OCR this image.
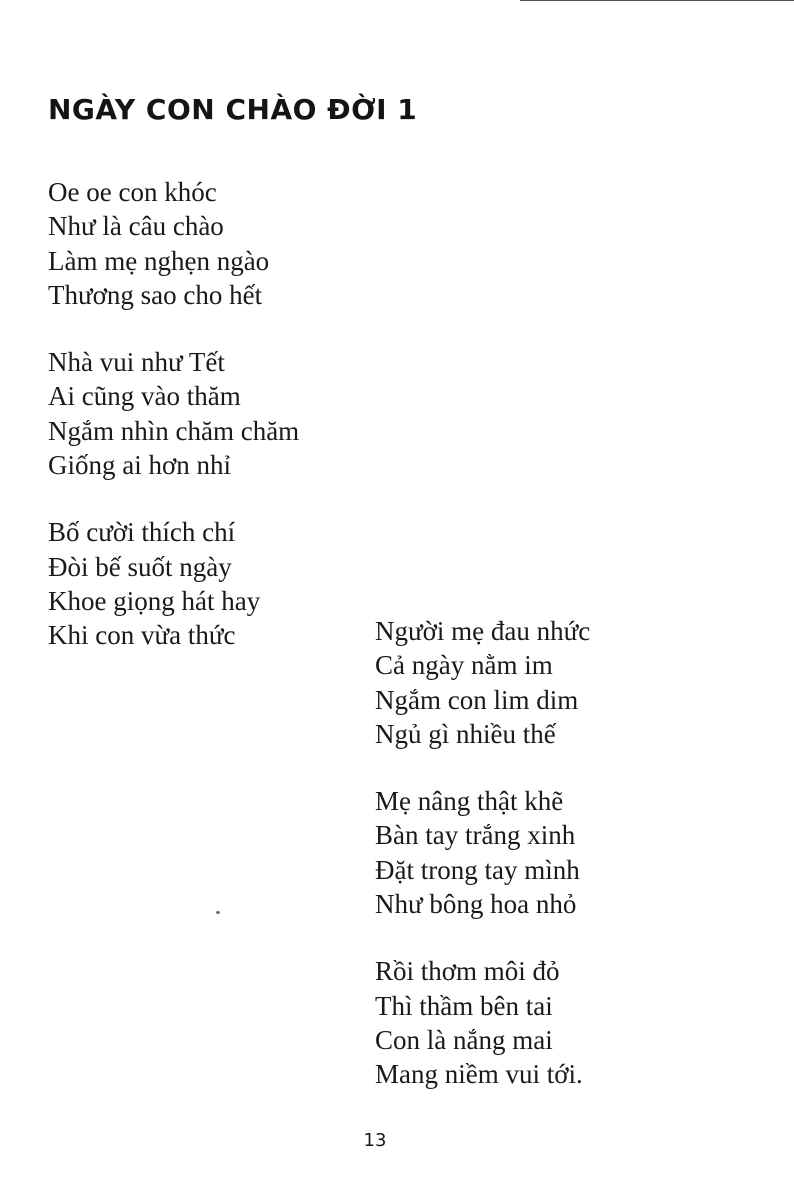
NGÀY CON CHÀO ĐỜI 1
Oe oe con khóc
Như là câu chào
Làm mẹ nghẹn ngào
Thương sao cho hết
Nhà vui như Tết
Ai cũng vào thăm
Ngắm nhìn chăm chăm
Giống ai hơn nhỉ
Bố cười thích chí
Đòi bế suốt ngày
Khoe giọng hát hay
Khi con vừa thức	Người mẹ đau nhức
Cả ngày nằm im
Ngắm con lim dim
Ngủ gì nhiều thế
Mẹ nâng thật khẽ
Bàn tay trắng xinh
Đặt trong tay mình
Như bông hoa nhỏ
Rồi thơm môi đỏ
Thì thầm bên tai
Con là nắng mai
Mang niềm vui tới.
13
